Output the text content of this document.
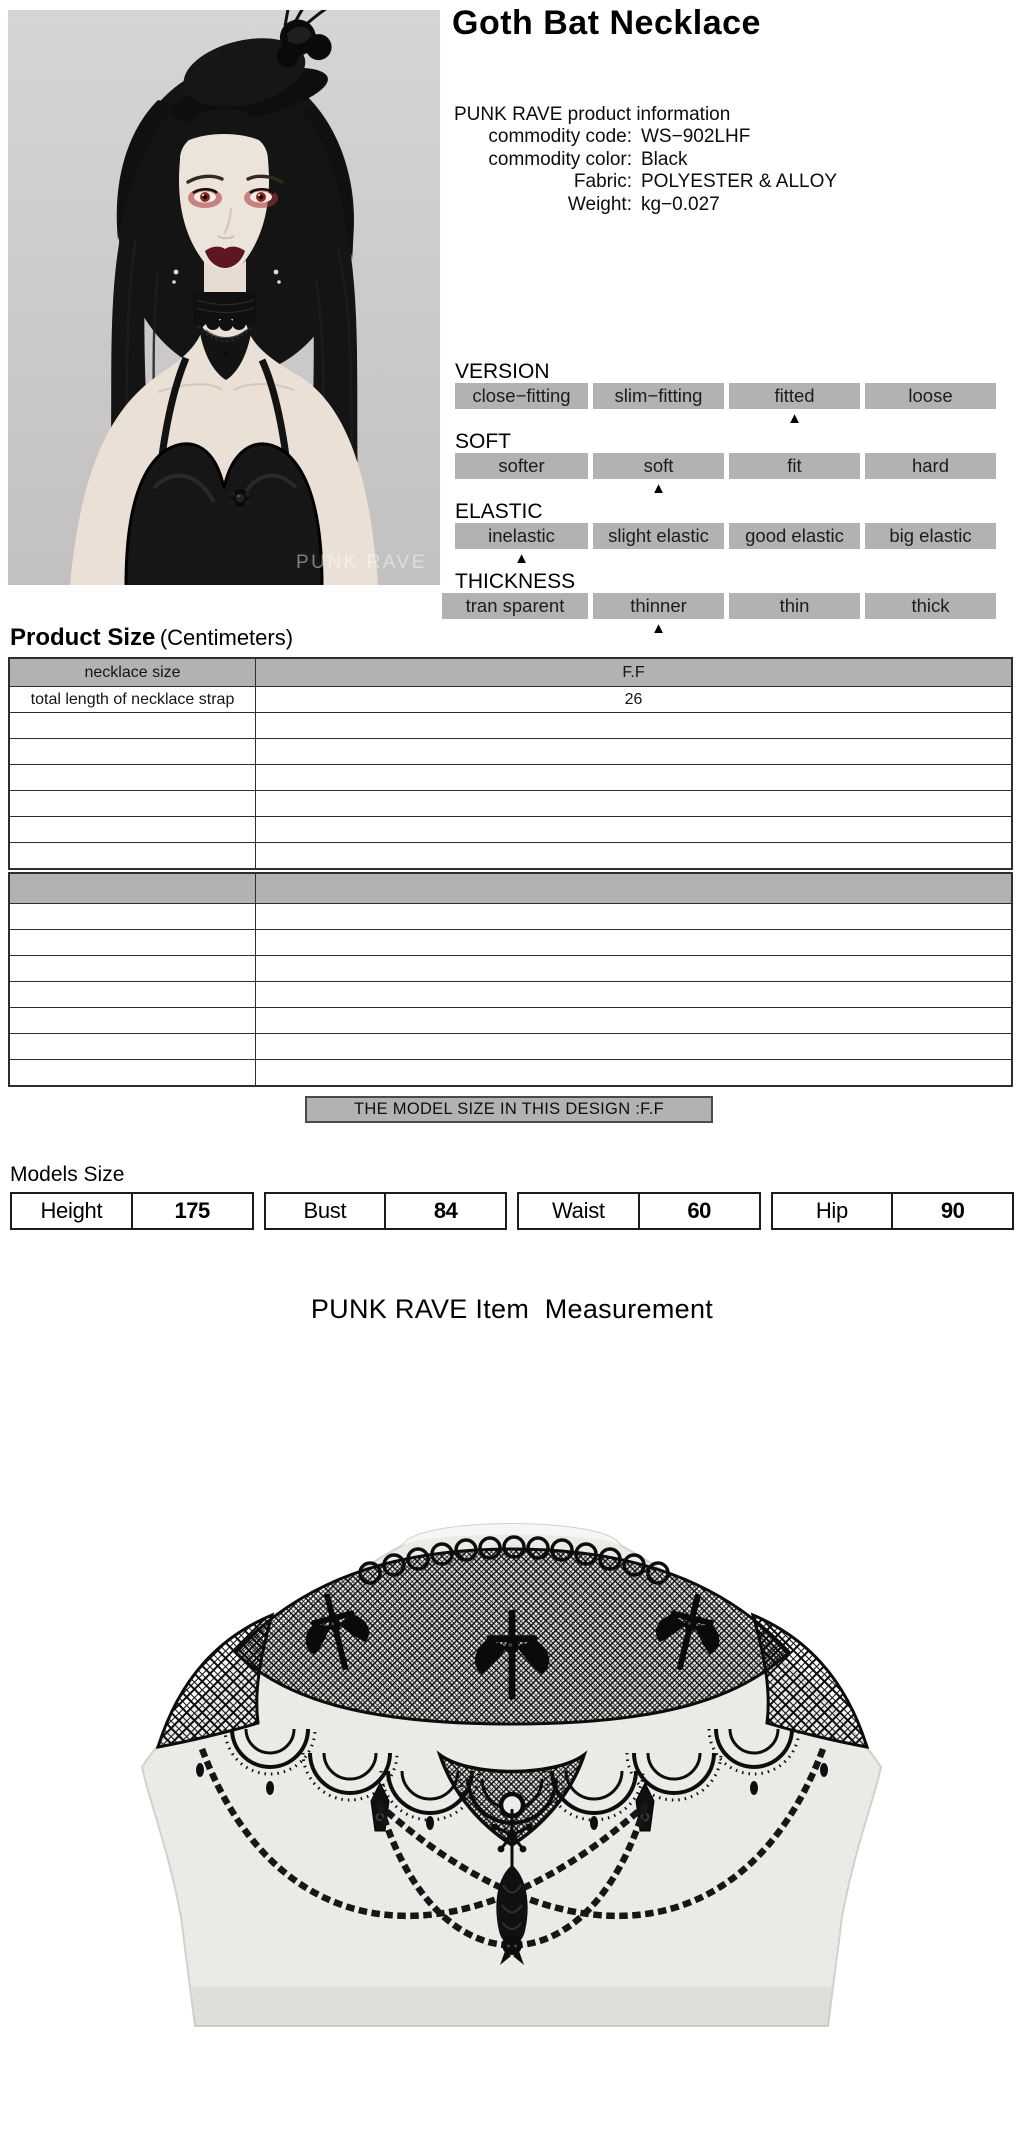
PUNK RAVE
Goth Bat Necklace
PUNK RAVE product information
commodity code: WS−902LHF
commodity color: Black
Fabric: POLYESTER & ALLOY
Weight: kg−0.027
VERSION
close−fitting	slim−fitting	fitted	loose
▲
SOFT
softer	soft	fit	hard
▲
ELASTIC
inelastic	slight elastic	good elastic	big elastic
▲
THICKNESS
tran sparent	thinner	thin	thick
▲
Product Size (Centimeters)
necklace size	F.F
total length of necklace strap	26

THE MODEL SIZE IN THIS DESIGN :F.F
Models Size
Height	175	Bust	84	Waist	60	Hip	90
PUNK RAVE Item  Measurement
